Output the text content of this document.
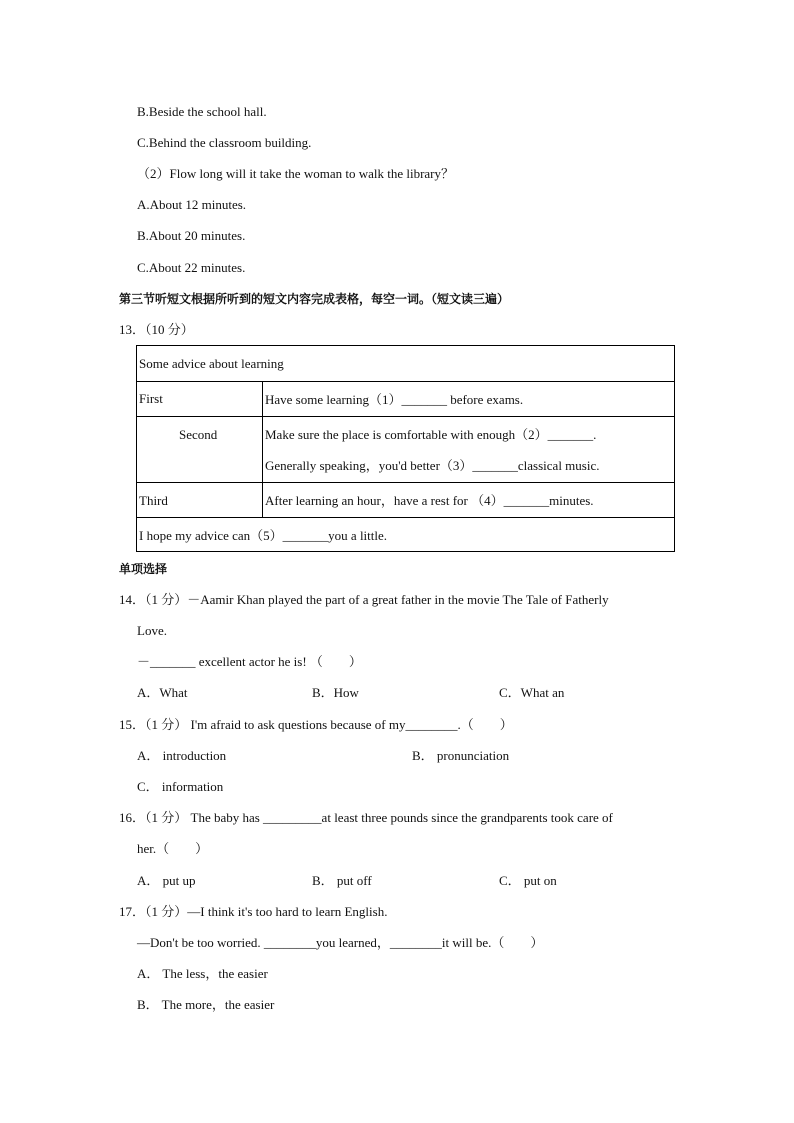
B.Beside the school hall.
C.Behind the classroom building.
（2）Flow long will it take the woman to walk the library？
A.About 12 minutes.
B.About 20 minutes.
C.About 22 minutes.
第三节听短文根据所听到的短文内容完成表格，每空一词。（短文读三遍）
13．（10 分）
Some advice about learning
First	Have some learning（1）_______ before exams.
Second	Make sure the place is comfortable with enough（2）_______.
Generally speaking，you'd better（3）_______classical music.
Third	After learning an hour，have a rest for （4）_______minutes.
I hope my advice can（5）_______you a little.
单项选择
14．（1 分）－Aamir Khan played the part of a great father in the movie The Tale of Fatherly
Love.
－_______ excellent actor he is! （　　）
A．What	B．How	C．What an
15．（1 分） I'm afraid to ask questions because of my________.（　　）
A． introduction	B． pronunciation
C． information
16．（1 分） The baby has _________at least three pounds since the grandparents took care of
her.（　　）
A． put up	B． put off	C． put on
17．（1 分）—I think it's too hard to learn English.
—Don't be too worried. ________you learned，________it will be.（　　）
A． The less，the easier
B． The more，the easier
